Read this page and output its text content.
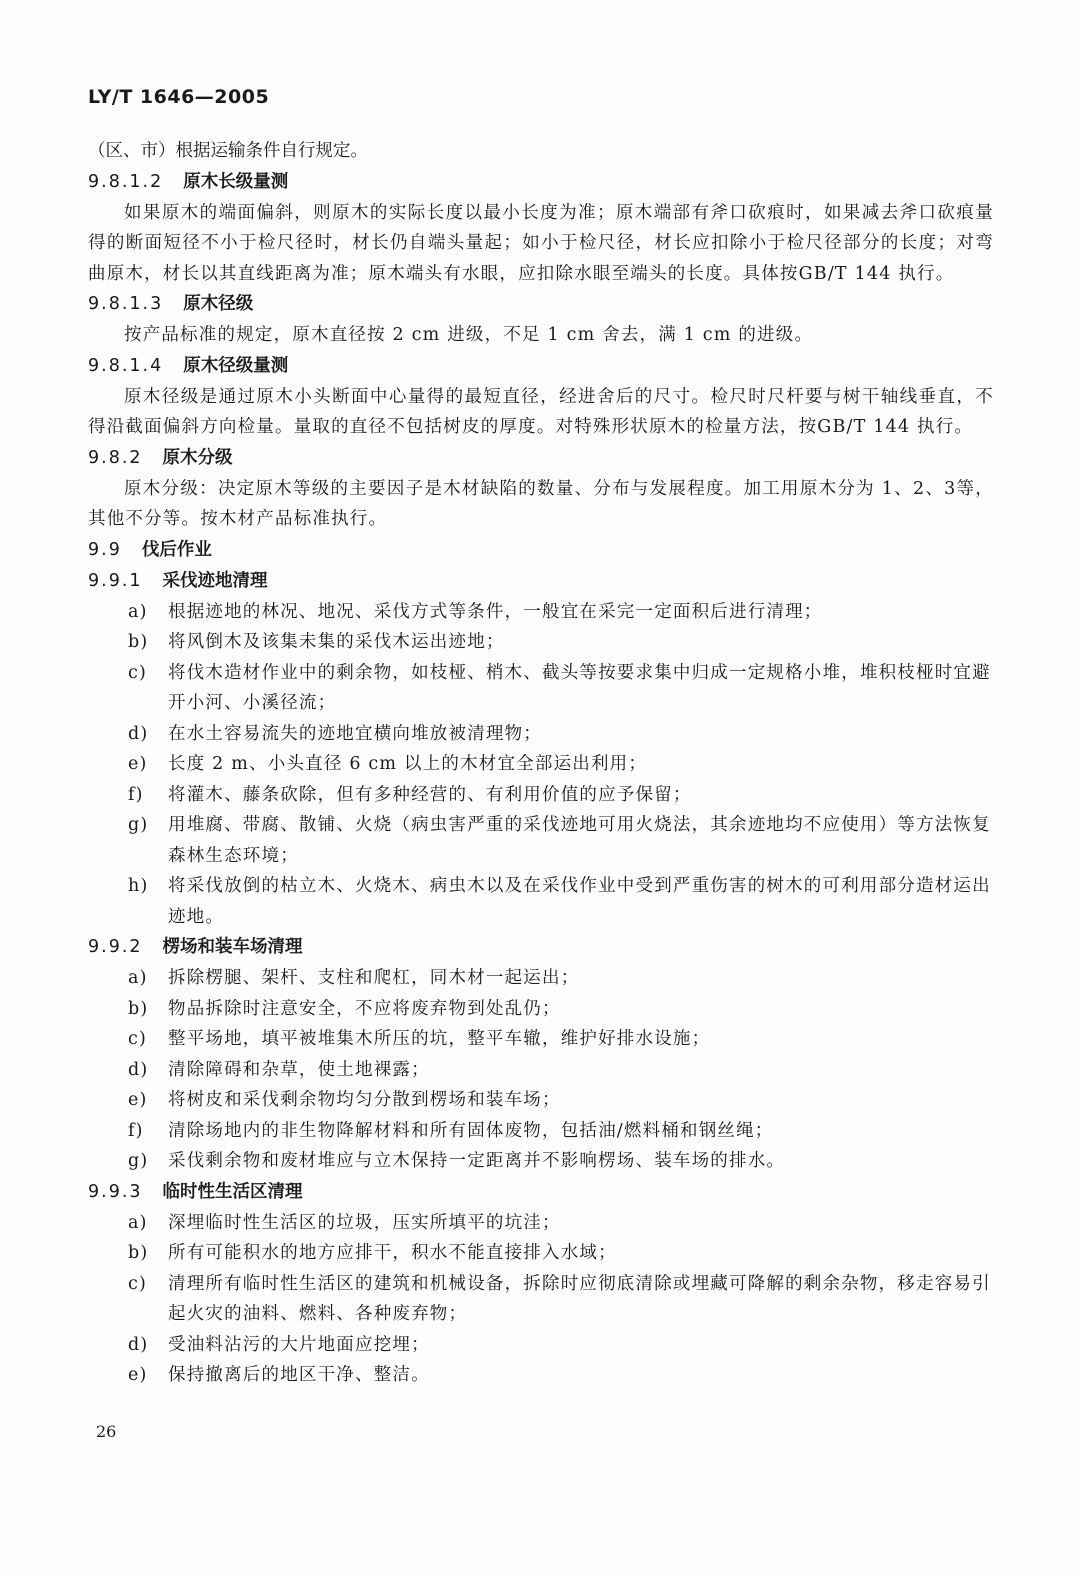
LY/T 1646—2005
（区、市）根据运输条件自行规定。
9.8.1.2 原木长级量测
如果原木的端面偏斜，则原木的实际长度以最小长度为准；原木端部有斧口砍痕时，如果减去斧口砍痕量得的断面短径不小于检尺径时，材长仍自端头量起；如小于检尺径，材长应扣除小于检尺径部分的长度；对弯曲原木，材长以其直线距离为准；原木端头有水眼，应扣除水眼至端头的长度。具体按GB/T 144 执行。
9.8.1.3 原木径级
按产品标准的规定，原木直径按 2 cm 进级，不足 1 cm 舍去，满 1 cm 的进级。
9.8.1.4 原木径级量测
原木径级是通过原木小头断面中心量得的最短直径，经进舍后的尺寸。检尺时尺杆要与树干轴线垂直，不得沿截面偏斜方向检量。量取的直径不包括树皮的厚度。对特殊形状原木的检量方法，按GB/T 144 执行。
9.8.2 原木分级
原木分级：决定原木等级的主要因子是木材缺陷的数量、分布与发展程度。加工用原木分为 1、2、3等，其他不分等。按木材产品标准执行。
9.9 伐后作业
9.9.1 采伐迹地清理
a)	根据迹地的林况、地况、采伐方式等条件，一般宜在采完一定面积后进行清理；
b)	将风倒木及该集未集的采伐木运出迹地；
c)	将伐木造材作业中的剩余物，如枝桠、梢木、截头等按要求集中归成一定规格小堆，堆积枝桠时宜避开小河、小溪径流；
d)	在水土容易流失的迹地宜横向堆放被清理物；
e)	长度 2 m、小头直径 6 cm 以上的木材宜全部运出利用；
f)	将灌木、藤条砍除，但有多种经营的、有利用价值的应予保留；
g)	用堆腐、带腐、散铺、火烧（病虫害严重的采伐迹地可用火烧法，其余迹地均不应使用）等方法恢复森林生态环境；
h)	将采伐放倒的枯立木、火烧木、病虫木以及在采伐作业中受到严重伤害的树木的可利用部分造材运出迹地。
9.9.2 楞场和装车场清理
a)	拆除楞腿、架杆、支柱和爬杠，同木材一起运出；
b)	物品拆除时注意安全，不应将废弃物到处乱仍；
c)	整平场地，填平被堆集木所压的坑，整平车辙，维护好排水设施；
d)	清除障碍和杂草，使土地裸露；
e)	将树皮和采伐剩余物均匀分散到楞场和装车场；
f)	清除场地内的非生物降解材料和所有固体废物，包括油/燃料桶和钢丝绳；
g)	采伐剩余物和废材堆应与立木保持一定距离并不影响楞场、装车场的排水。
9.9.3 临时性生活区清理
a)	深埋临时性生活区的垃圾，压实所填平的坑洼；
b)	所有可能积水的地方应排干，积水不能直接排入水域；
c)	清理所有临时性生活区的建筑和机械设备，拆除时应彻底清除或埋藏可降解的剩余杂物，移走容易引起火灾的油料、燃料、各种废弃物；
d)	受油料沾污的大片地面应挖埋；
e)	保持撤离后的地区干净、整洁。
26
